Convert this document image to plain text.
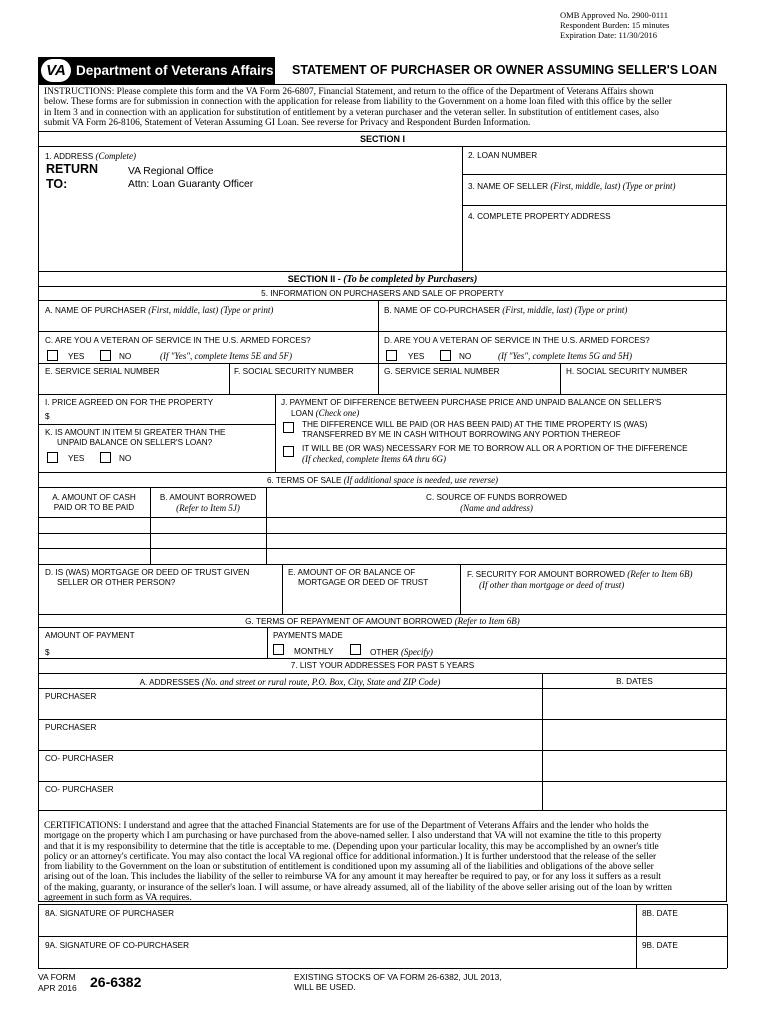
OMB Approved No. 2900-0111
Respondent Burden: 15 minutes
Expiration Date: 11/30/2016
VA Department of Veterans Affairs STATEMENT OF PURCHASER OR OWNER ASSUMING SELLER'S LOAN
INSTRUCTIONS: Please complete this form and the VA Form 26-6807, Financial Statement, and return to the office of the Department of Veterans Affairs shown
below. These forms are for submission in connection with the application for release from liability to the Government on a home loan filed with this office by the seller
in Item 3 and in connection with an application for substitution of entitlement by a veteran purchaser and the veteran seller. In substitution of entitlement cases, also
submit VA Form 26-8106, Statement of Veteran Assuming GI Loan. See reverse for Privacy and Respondent Burden Information.
SECTION I
1. ADDRESS (Complete)
RETURN
TO:
VA Regional Office
Attn: Loan Guaranty Officer
2. LOAN NUMBER
3. NAME OF SELLER (First, middle, last) (Type or print)
4. COMPLETE PROPERTY ADDRESS
SECTION II - (To be completed by Purchasers)
5. INFORMATION ON PURCHASERS AND SALE OF PROPERTY
A. NAME OF PURCHASER (First, middle, last) (Type or print)	B. NAME OF CO-PURCHASER (First, middle, last) (Type or print)
C. ARE YOU A VETERAN OF SERVICE IN THE U.S. ARMED FORCES?	D. ARE YOU A VETERAN OF SERVICE IN THE U.S. ARMED FORCES?
YES	NO	(If "Yes", complete Items 5E and 5F)	YES	NO	(If "Yes", complete Items 5G and 5H)
E. SERVICE SERIAL NUMBER	F. SOCIAL SECURITY NUMBER	G. SERVICE SERIAL NUMBER	H. SOCIAL SECURITY NUMBER
I. PRICE AGREED ON FOR THE PROPERTY
$
K. IS AMOUNT IN ITEM 5I GREATER THAN THE
UNPAID BALANCE ON SELLER'S LOAN?
YES	NO
J. PAYMENT OF DIFFERENCE BETWEEN PURCHASE PRICE AND UNPAID BALANCE ON SELLER'S
LOAN (Check one)
THE DIFFERENCE WILL BE PAID (OR HAS BEEN PAID) AT THE TIME PROPERTY IS (WAS)
TRANSFERRED BY ME IN CASH WITHOUT BORROWING ANY PORTION THEREOF
IT WILL BE (OR WAS) NECESSARY FOR ME TO BORROW ALL OR A PORTION OF THE DIFFERENCE
(If checked, complete Items 6A thru 6G)
6. TERMS OF SALE (If additional space is needed, use reverse)
A. AMOUNT OF CASH
PAID OR TO BE PAID
B. AMOUNT BORROWED
(Refer to Item 5J)
C. SOURCE OF FUNDS BORROWED
(Name and address)
D. IS (WAS) MORTGAGE OR DEED OF TRUST GIVEN
SELLER OR OTHER PERSON?
E. AMOUNT OF OR BALANCE OF
MORTGAGE OR DEED OF TRUST
F. SECURITY FOR AMOUNT BORROWED (Refer to Item 6B)
(If other than mortgage or deed of trust)
G. TERMS OF REPAYMENT OF AMOUNT BORROWED (Refer to Item 6B)
AMOUNT OF PAYMENT
$
PAYMENTS MADE
MONTHLY	OTHER (Specify)
7. LIST YOUR ADDRESSES FOR PAST 5 YEARS
A. ADDRESSES (No. and street or rural route, P.O. Box, City, State and ZIP Code)	B. DATES
PURCHASER
PURCHASER
CO- PURCHASER
CO- PURCHASER
CERTIFICATIONS: I understand and agree that the attached Financial Statements are for use of the Department of Veterans Affairs and the lender who holds the
mortgage on the property which I am purchasing or have purchased from the above-named seller. I also understand that VA will not examine the title to this property
and that it is my responsibility to determine that the title is acceptable to me. (Depending upon your particular locality, this may be accomplished by an owner's title
policy or an attorney's certificate. You may also contact the local VA regional office for additional information.) It is further understood that the release of the seller
from liability to the Government on the loan or substitution of entitlement is conditioned upon my assuming all of the liabilities and obligations of the above seller
arising out of the loan. This includes the liability of the seller to reimburse VA for any amount it may hereafter be required to pay, or for any loss it suffers as a result
of the making, guaranty, or insurance of the seller's loan. I will assume, or have already assumed, all of the liability of the above seller arising out of the loan by written
agreement in such form as VA requires.
8A. SIGNATURE OF PURCHASER	8B. DATE
9A. SIGNATURE OF CO-PURCHASER	9B. DATE
VA FORM
APR 2016 26-6382	EXISTING STOCKS OF VA FORM 26-6382, JUL 2013,
WILL BE USED.
